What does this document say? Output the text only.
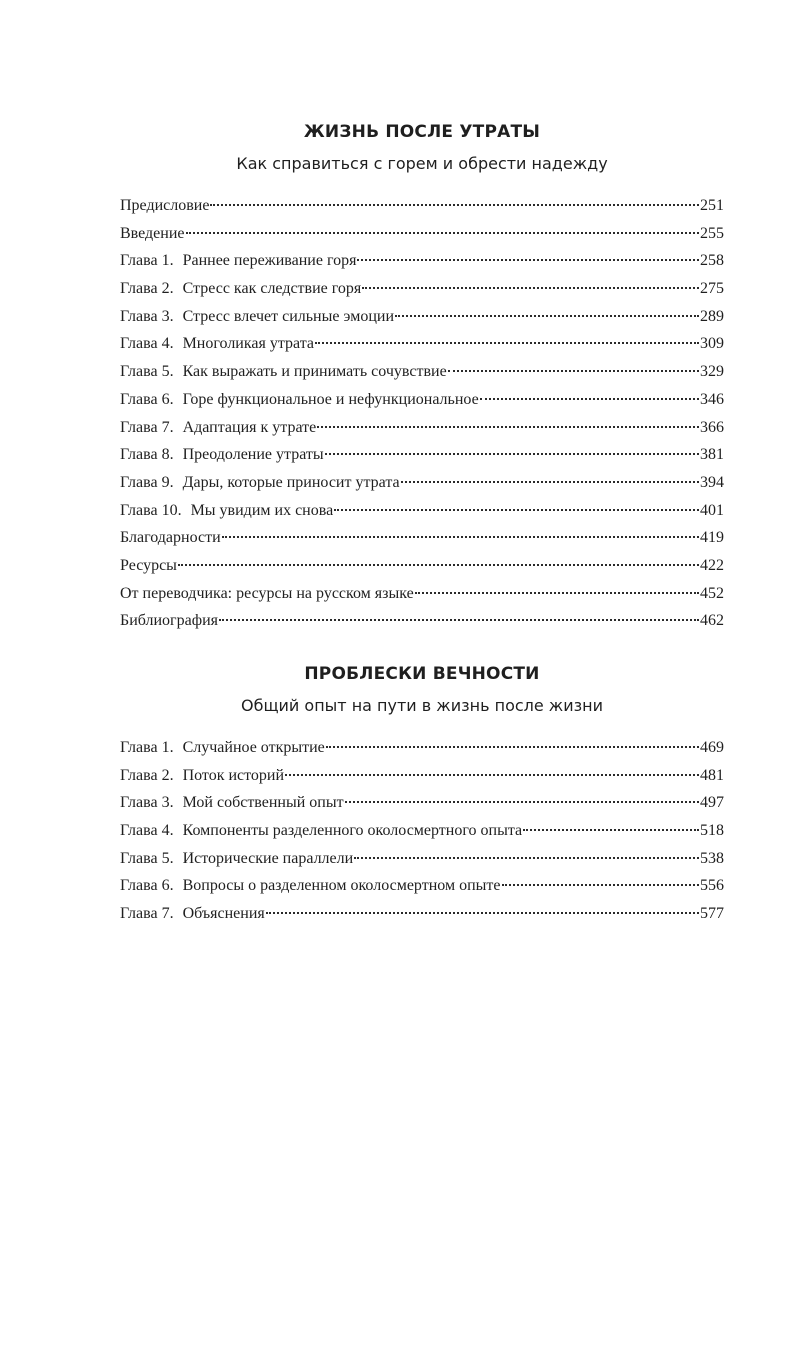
ЖИЗНЬ ПОСЛЕ УТРАТЫ
Как справиться с горем и обрести надежду
Предисловие	251
Введение	255
Глава 1. Раннее переживание горя	258
Глава 2. Стресс как следствие горя	275
Глава 3. Стресс влечет сильные эмоции	289
Глава 4. Многоликая утрата	309
Глава 5. Как выражать и принимать сочувствие	329
Глава 6. Горе функциональное и нефункциональное	346
Глава 7. Адаптация к утрате	366
Глава 8. Преодоление утраты	381
Глава 9. Дары, которые приносит утрата	394
Глава 10. Мы увидим их снова	401
Благодарности	419
Ресурсы	422
От переводчика: ресурсы на русском языке	452
Библиография	462
ПРОБЛЕСКИ ВЕЧНОСТИ
Общий опыт на пути в жизнь после жизни
Глава 1. Случайное открытие	469
Глава 2. Поток историй	481
Глава 3. Мой собственный опыт	497
Глава 4. Компоненты разделенного околосмертного опыта	518
Глава 5. Исторические параллели	538
Глава 6. Вопросы о разделенном околосмертном опыте	556
Глава 7. Объяснения	577
